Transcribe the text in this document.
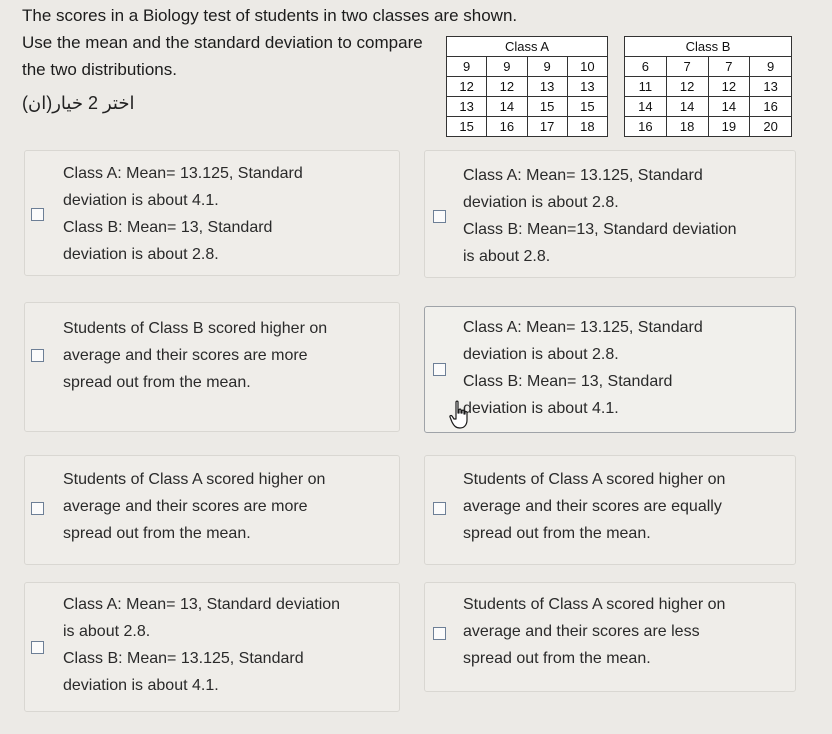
The scores in a Biology test of students in two classes are shown.
Use the mean and the standard deviation to compare
the two distributions.
اختر 2 خيار(ان)
Class A			
9	9	9	10
12	12	13	13
13	14	15	15
15	16	17	18
Class B			
6	7	7	9
11	12	12	13
14	14	14	16
16	18	19	20

Class A: Mean= 13.125, Standard

deviation is about 4.1.

Class B: Mean= 13, Standard

deviation is about 2.8.

Class A: Mean= 13.125, Standard

deviation is about 2.8.

Class B: Mean=13, Standard deviation

is about 2.8.

Students of Class B scored higher on

average and their scores are more

spread out from the mean.

Class A: Mean= 13.125, Standard

deviation is about 2.8.

Class B: Mean= 13, Standard

deviation is about 4.1.

Students of Class A scored higher on

average and their scores are more

spread out from the mean.

Students of Class A scored higher on

average and their scores are equally

spread out from the mean.

Class A: Mean= 13, Standard deviation

is about 2.8.

Class B: Mean= 13.125, Standard

deviation is about 4.1.

Students of Class A scored higher on

average and their scores are less

spread out from the mean.
